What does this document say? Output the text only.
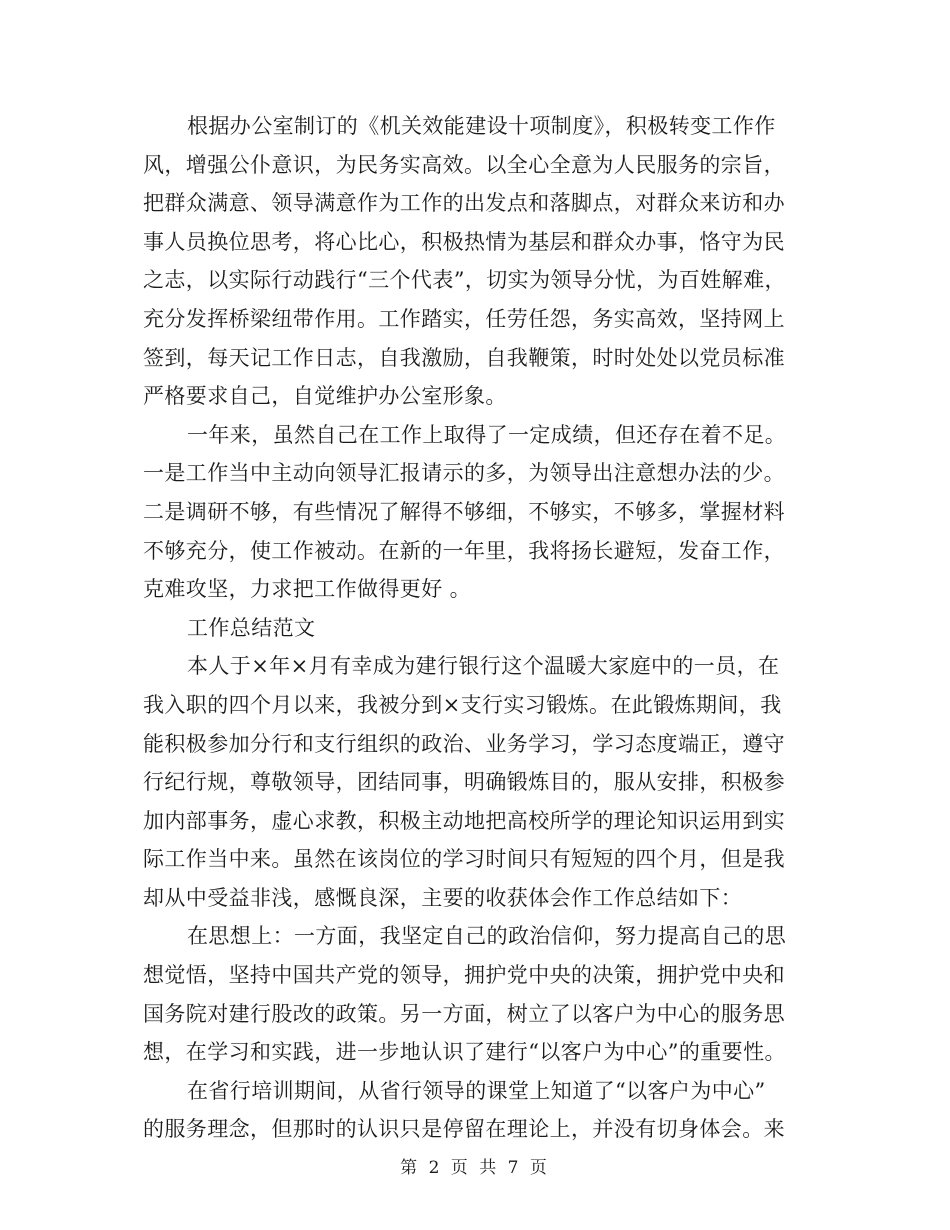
根据办公室制订的《机关效能建设十项制度》，积极转变工作作
风，增强公仆意识，为民务实高效。以全心全意为人民服务的宗旨，
把群众满意、领导满意作为工作的出发点和落脚点，对群众来访和办
事人员换位思考，将心比心，积极热情为基层和群众办事，恪守为民
之志，以实际行动践行“三个代表”，切实为领导分忧，为百姓解难，
充分发挥桥梁纽带作用。工作踏实，任劳任怨，务实高效，坚持网上
签到，每天记工作日志，自我激励，自我鞭策，时时处处以党员标准
严格要求自己，自觉维护办公室形象。
一年来，虽然自己在工作上取得了一定成绩，但还存在着不足。
一是工作当中主动向领导汇报请示的多，为领导出注意想办法的少。
二是调研不够，有些情况了解得不够细，不够实，不够多，掌握材料
不够充分，使工作被动。在新的一年里，我将扬长避短，发奋工作，
克难攻坚，力求把工作做得更好 。
工作总结范文
本人于×年×月有幸成为建行银行这个温暖大家庭中的一员，在
我入职的四个月以来，我被分到×支行实习锻炼。在此锻炼期间，我
能积极参加分行和支行组织的政治、业务学习，学习态度端正，遵守
行纪行规，尊敬领导，团结同事，明确锻炼目的，服从安排，积极参
加内部事务，虚心求教，积极主动地把高校所学的理论知识运用到实
际工作当中来。虽然在该岗位的学习时间只有短短的四个月，但是我
却从中受益非浅，感慨良深，主要的收获体会作工作总结如下：
在思想上：一方面，我坚定自己的政治信仰，努力提高自己的思
想觉悟，坚持中国共产党的领导，拥护党中央的决策，拥护党中央和
国务院对建行股改的政策。另一方面，树立了以客户为中心的服务思
想，在学习和实践，进一步地认识了建行“以客户为中心”的重要性。
在省行培训期间，从省行领导的课堂上知道了“以客户为中心”
的服务理念，但那时的认识只是停留在理论上，并没有切身体会。来
第 2 页 共 7 页
